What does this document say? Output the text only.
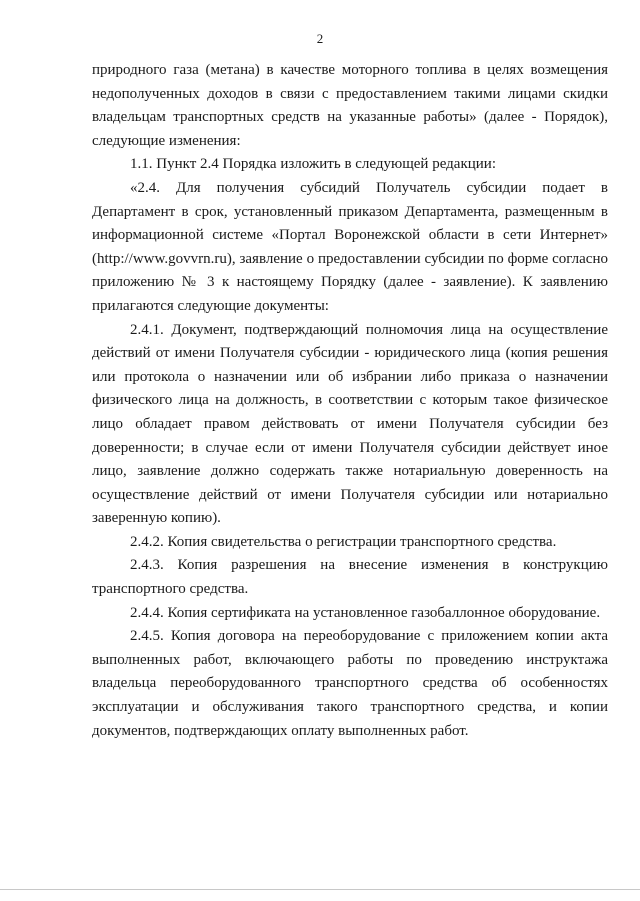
2

природного газа (метана) в качестве моторного топлива в целях возмещения недополученных доходов в связи с предоставлением такими лицами скидки владельцам транспортных средств на указанные работы» (далее - Порядок), следующие изменения:

1.1. Пункт 2.4 Порядка изложить в следующей редакции:

«2.4. Для получения субсидий Получатель субсидии подает в Департамент в срок, установленный приказом Департамента, размещенным в информационной системе «Портал Воронежской области в сети Интернет» (http://www.govvrn.ru), заявление о предоставлении субсидии по форме согласно приложению № 3 к настоящему Порядку (далее - заявление). К заявлению прилагаются следующие документы:

2.4.1. Документ, подтверждающий полномочия лица на осуществление действий от имени Получателя субсидии - юридического лица (копия решения или протокола о назначении или об избрании либо приказа о назначении физического лица на должность, в соответствии с которым такое физическое лицо обладает правом действовать от имени Получателя субсидии без доверенности; в случае если от имени Получателя субсидии действует иное лицо, заявление должно содержать также нотариальную доверенность на осуществление действий от имени Получателя субсидии или нотариально заверенную копию).

2.4.2. Копия свидетельства о регистрации транспортного средства.

2.4.3. Копия разрешения на внесение изменения в конструкцию транспортного средства.

2.4.4. Копия сертификата на установленное газобаллонное оборудование.

2.4.5. Копия договора на переоборудование с приложением копии акта выполненных работ, включающего работы по проведению инструктажа владельца переоборудованного транспортного средства об особенностях эксплуатации и обслуживания такого транспортного средства, и копии документов, подтверждающих оплату выполненных работ.
